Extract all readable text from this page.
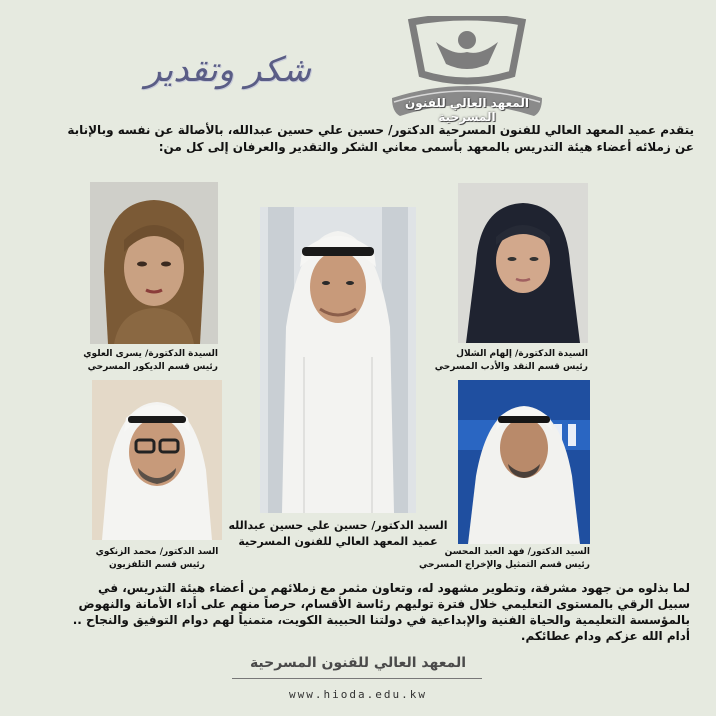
شكر وتقدير
المعهد العالي للفنون المسرحية
يتقدم عميد المعهد العالي للفنون المسرحية الدكتور/ حسين علي حسين عبدالله، بالأصالة عن نفسه وبالإنابة
عن زملائه أعضاء هيئة التدريس بالمعهد بأسمى معاني الشكر والتقدير والعرفان إلى كل من:
السيدة الدكتورة/ يسرى العلوي
رئيس قسم الديكور المسرحي
السيدة الدكتورة/ إلهام الشلال
رئيس قسم النقد والأدب المسرحي
السيد الدكتور/ حسين علي حسين عبدالله
عميد المعهد العالي للفنون المسرحية
السد الدكتور/ محمد الزنكوي
رئيس قسم التلفزيون
السيد الدكتور/ فهد العبد المحسن
رئيس قسم التمثيل والإخراج المسرحي
لما بذلوه من جهود مشرفة، وتطوير مشهود له، وتعاون مثمر مع زملائهم من أعضاء هيئة التدريس، في
سبيل الرقي بالمستوى التعليمي خلال فترة توليهم رئاسة الأقسام، حرصاً منهم على أداء الأمانة والنهوض
بالمؤسسة التعليمية والحياة الفنية والإبداعية في دولتنا الحبيبة الكويت، متمنياً لهم دوام التوفيق والنجاح ..
أدام الله عزكم ودام عطائكم.
المعهد العالي للفنون المسرحية
www.hioda.edu.kw
